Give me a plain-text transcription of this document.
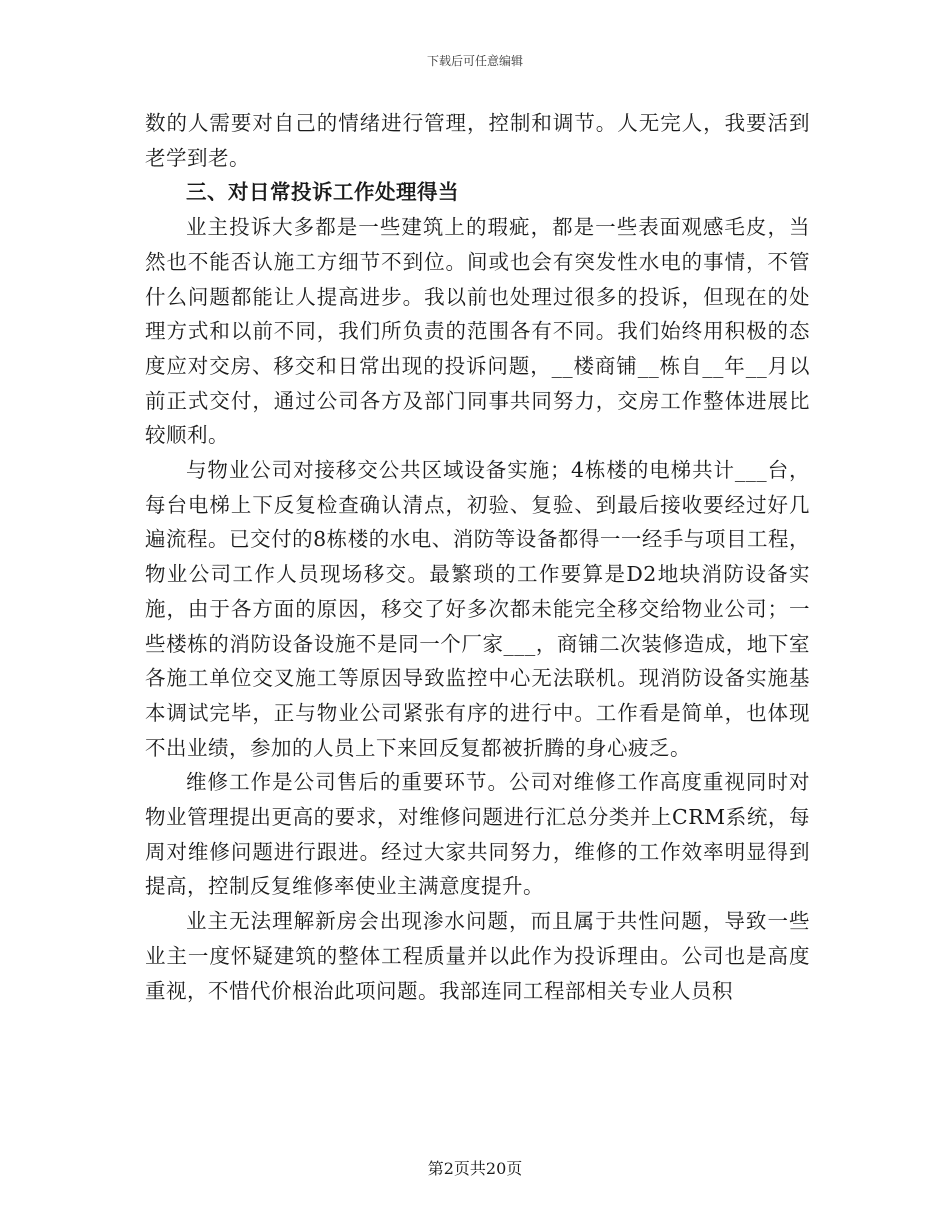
下载后可任意编辑

数的人需要对自己的情绪进行管理，控制和调节。人无完人，我要活到老学到老。

三、对日常投诉工作处理得当

业主投诉大多都是一些建筑上的瑕疵，都是一些表面观感毛皮，当然也不能否认施工方细节不到位。间或也会有突发性水电的事情，不管什么问题都能让人提高进步。我以前也处理过很多的投诉，但现在的处理方式和以前不同，我们所负责的范围各有不同。我们始终用积极的态度应对交房、移交和日常出现的投诉问题，__楼商铺__栋自__年__月以前正式交付，通过公司各方及部门同事共同努力，交房工作整体进展比较顺利。

与物业公司对接移交公共区域设备实施；4栋楼的电梯共计___台，每台电梯上下反复检查确认清点，初验、复验、到最后接收要经过好几遍流程。已交付的8栋楼的水电、消防等设备都得一一经手与项目工程，物业公司工作人员现场移交。最繁琐的工作要算是D2地块消防设备实施，由于各方面的原因，移交了好多次都未能完全移交给物业公司；一些楼栋的消防设备设施不是同一个厂家___，商铺二次装修造成，地下室各施工单位交叉施工等原因导致监控中心无法联机。现消防设备实施基本调试完毕，正与物业公司紧张有序的进行中。工作看是简单，也体现不出业绩，参加的人员上下来回反复都被折腾的身心疲乏。

维修工作是公司售后的重要环节。公司对维修工作高度重视同时对物业管理提出更高的要求，对维修问题进行汇总分类并上CRM系统，每周对维修问题进行跟进。经过大家共同努力，维修的工作效率明显得到提高，控制反复维修率使业主满意度提升。

业主无法理解新房会出现渗水问题，而且属于共性问题，导致一些业主一度怀疑建筑的整体工程质量并以此作为投诉理由。公司也是高度重视，不惜代价根治此项问题。我部连同工程部相关专业人员积

第2页共20页
